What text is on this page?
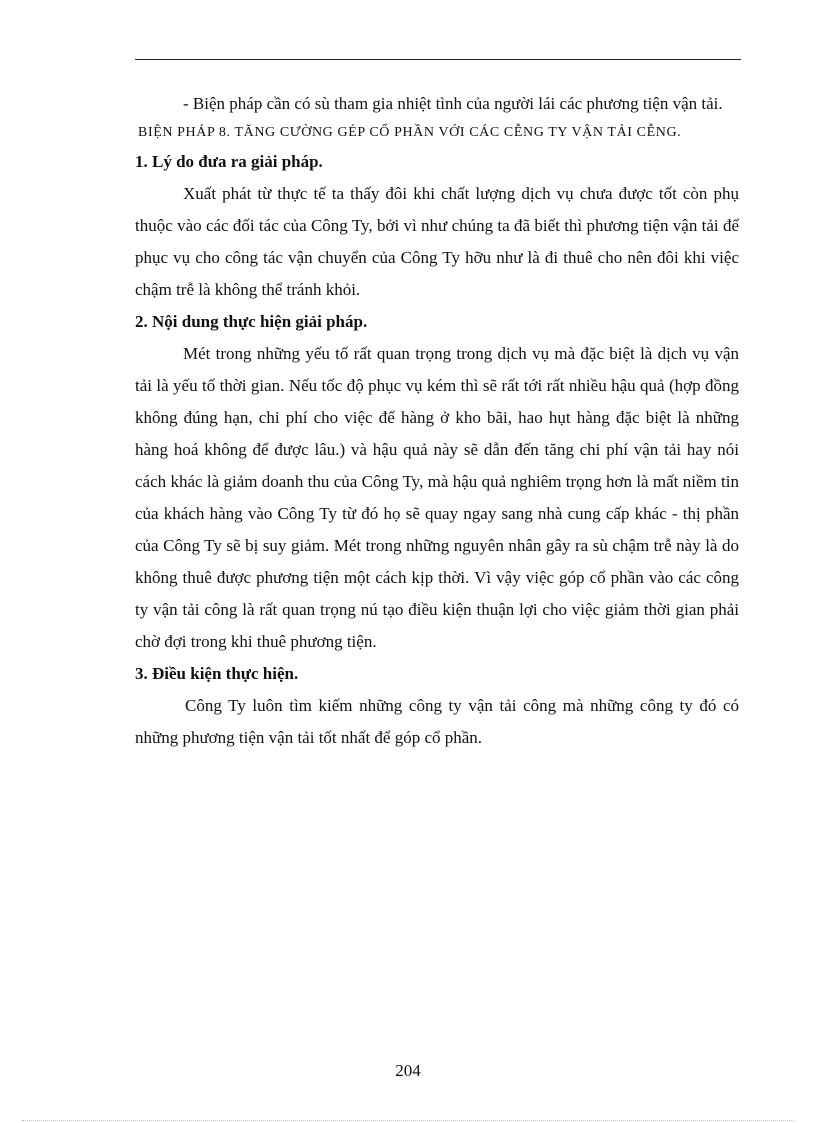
- Biện pháp cần có sù tham gia nhiệt tình của người lái các phương tiện vận tải.

BIỆN PHÁP 8. TĂNG CƯỜNG GÉP CỔ PHẦN VỚI CÁC CỄNG TY VẬN TẢI CỄNG.

1. Lý do đưa ra giải pháp.

Xuất phát từ thực tế ta thấy đôi khi chất lượng dịch vụ chưa được tốt còn phụ thuộc vào các đối tác của Công Ty, bởi vì như chúng ta đã biết thì phương tiện vận tải để phục vụ cho công tác vận chuyển của Công Ty hỡu như là đi thuê cho nên đôi khi việc chậm trễ là không thể tránh khỏi.

2. Nội dung thực hiện giải pháp.

Mét trong những yếu tố rất quan trọng trong dịch vụ mà đặc biệt là dịch vụ vận tải là yếu tố thời gian. Nếu tốc độ phục vụ kém thì sẽ rất tới rất nhiều hậu quả (hợp đồng không đúng hạn, chi phí cho việc để hàng ở kho bãi, hao hụt hàng đặc biệt là những hàng hoá không để được lâu.) và hậu quả này sẽ dẫn đến tăng chi phí vận tải hay nói cách khác là giảm doanh thu của Công Ty, mà hậu quả nghiêm trọng hơn là mất niềm tin của khách hàng vào Công Ty từ đó họ sẽ quay ngay sang nhà cung cấp khác - thị phần của Công Ty sẽ bị suy giảm. Mét trong những nguyên nhân gây ra sù chậm trễ này là do không thuê được phương tiện một cách kịp thời. Vì vậy việc góp cổ phần vào các công ty vận tải công là rất quan trọng nú tạo điều kiện thuận lợi cho việc giảm thời gian phải chờ đợi trong khi thuê phương tiện.

3. Điều kiện thực hiện.

Công Ty luôn tìm kiếm những công ty vận tải công mà những công ty đó có những phương tiện vận tải tốt nhất để góp cổ phần.

204
